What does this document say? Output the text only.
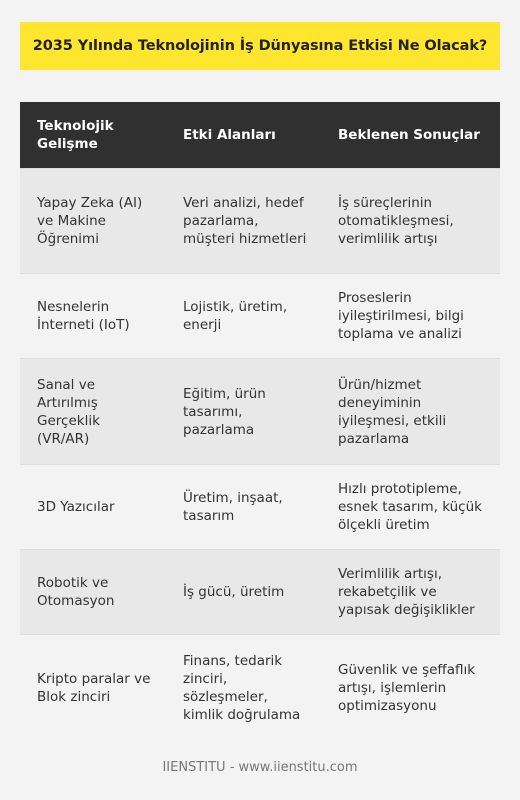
2035 Yılında Teknolojinin İş Dünyasına Etkisi Ne Olacak?
Teknolojik Gelişme
Etki Alanları	Beklenen Sonuçlar
Yapay Zeka (AI) ve Makine Öğrenimi
Veri analizi, hedef pazarlama, müşteri hizmetleri
İş süreçlerinin otomatikleşmesi, verimlilik artışı
Nesnelerin İnterneti (IoT)
Lojistik, üretim, enerji
Proseslerin iyileştirilmesi, bilgi toplama ve analizi
Sanal ve Artırılmış Gerçeklik (VR/AR)
Eğitim, ürün tasarımı, pazarlama
Ürün/hizmet deneyiminin iyileşmesi, etkili pazarlama
3D Yazıcılar
Üretim, inşaat, tasarım
Hızlı prototipleme, esnek tasarım, küçük ölçekli üretim
Robotik ve Otomasyon
İş gücü, üretim
Verimlilik artışı, rekabetçilik ve yapısak değişiklikler
Kripto paralar ve Blok zinciri
Finans, tedarik zinciri, sözleşmeler, kimlik doğrulama
Güvenlik ve şeffaflık artışı, işlemlerin optimizasyonu
IIENSTITU - www.iienstitu.com
